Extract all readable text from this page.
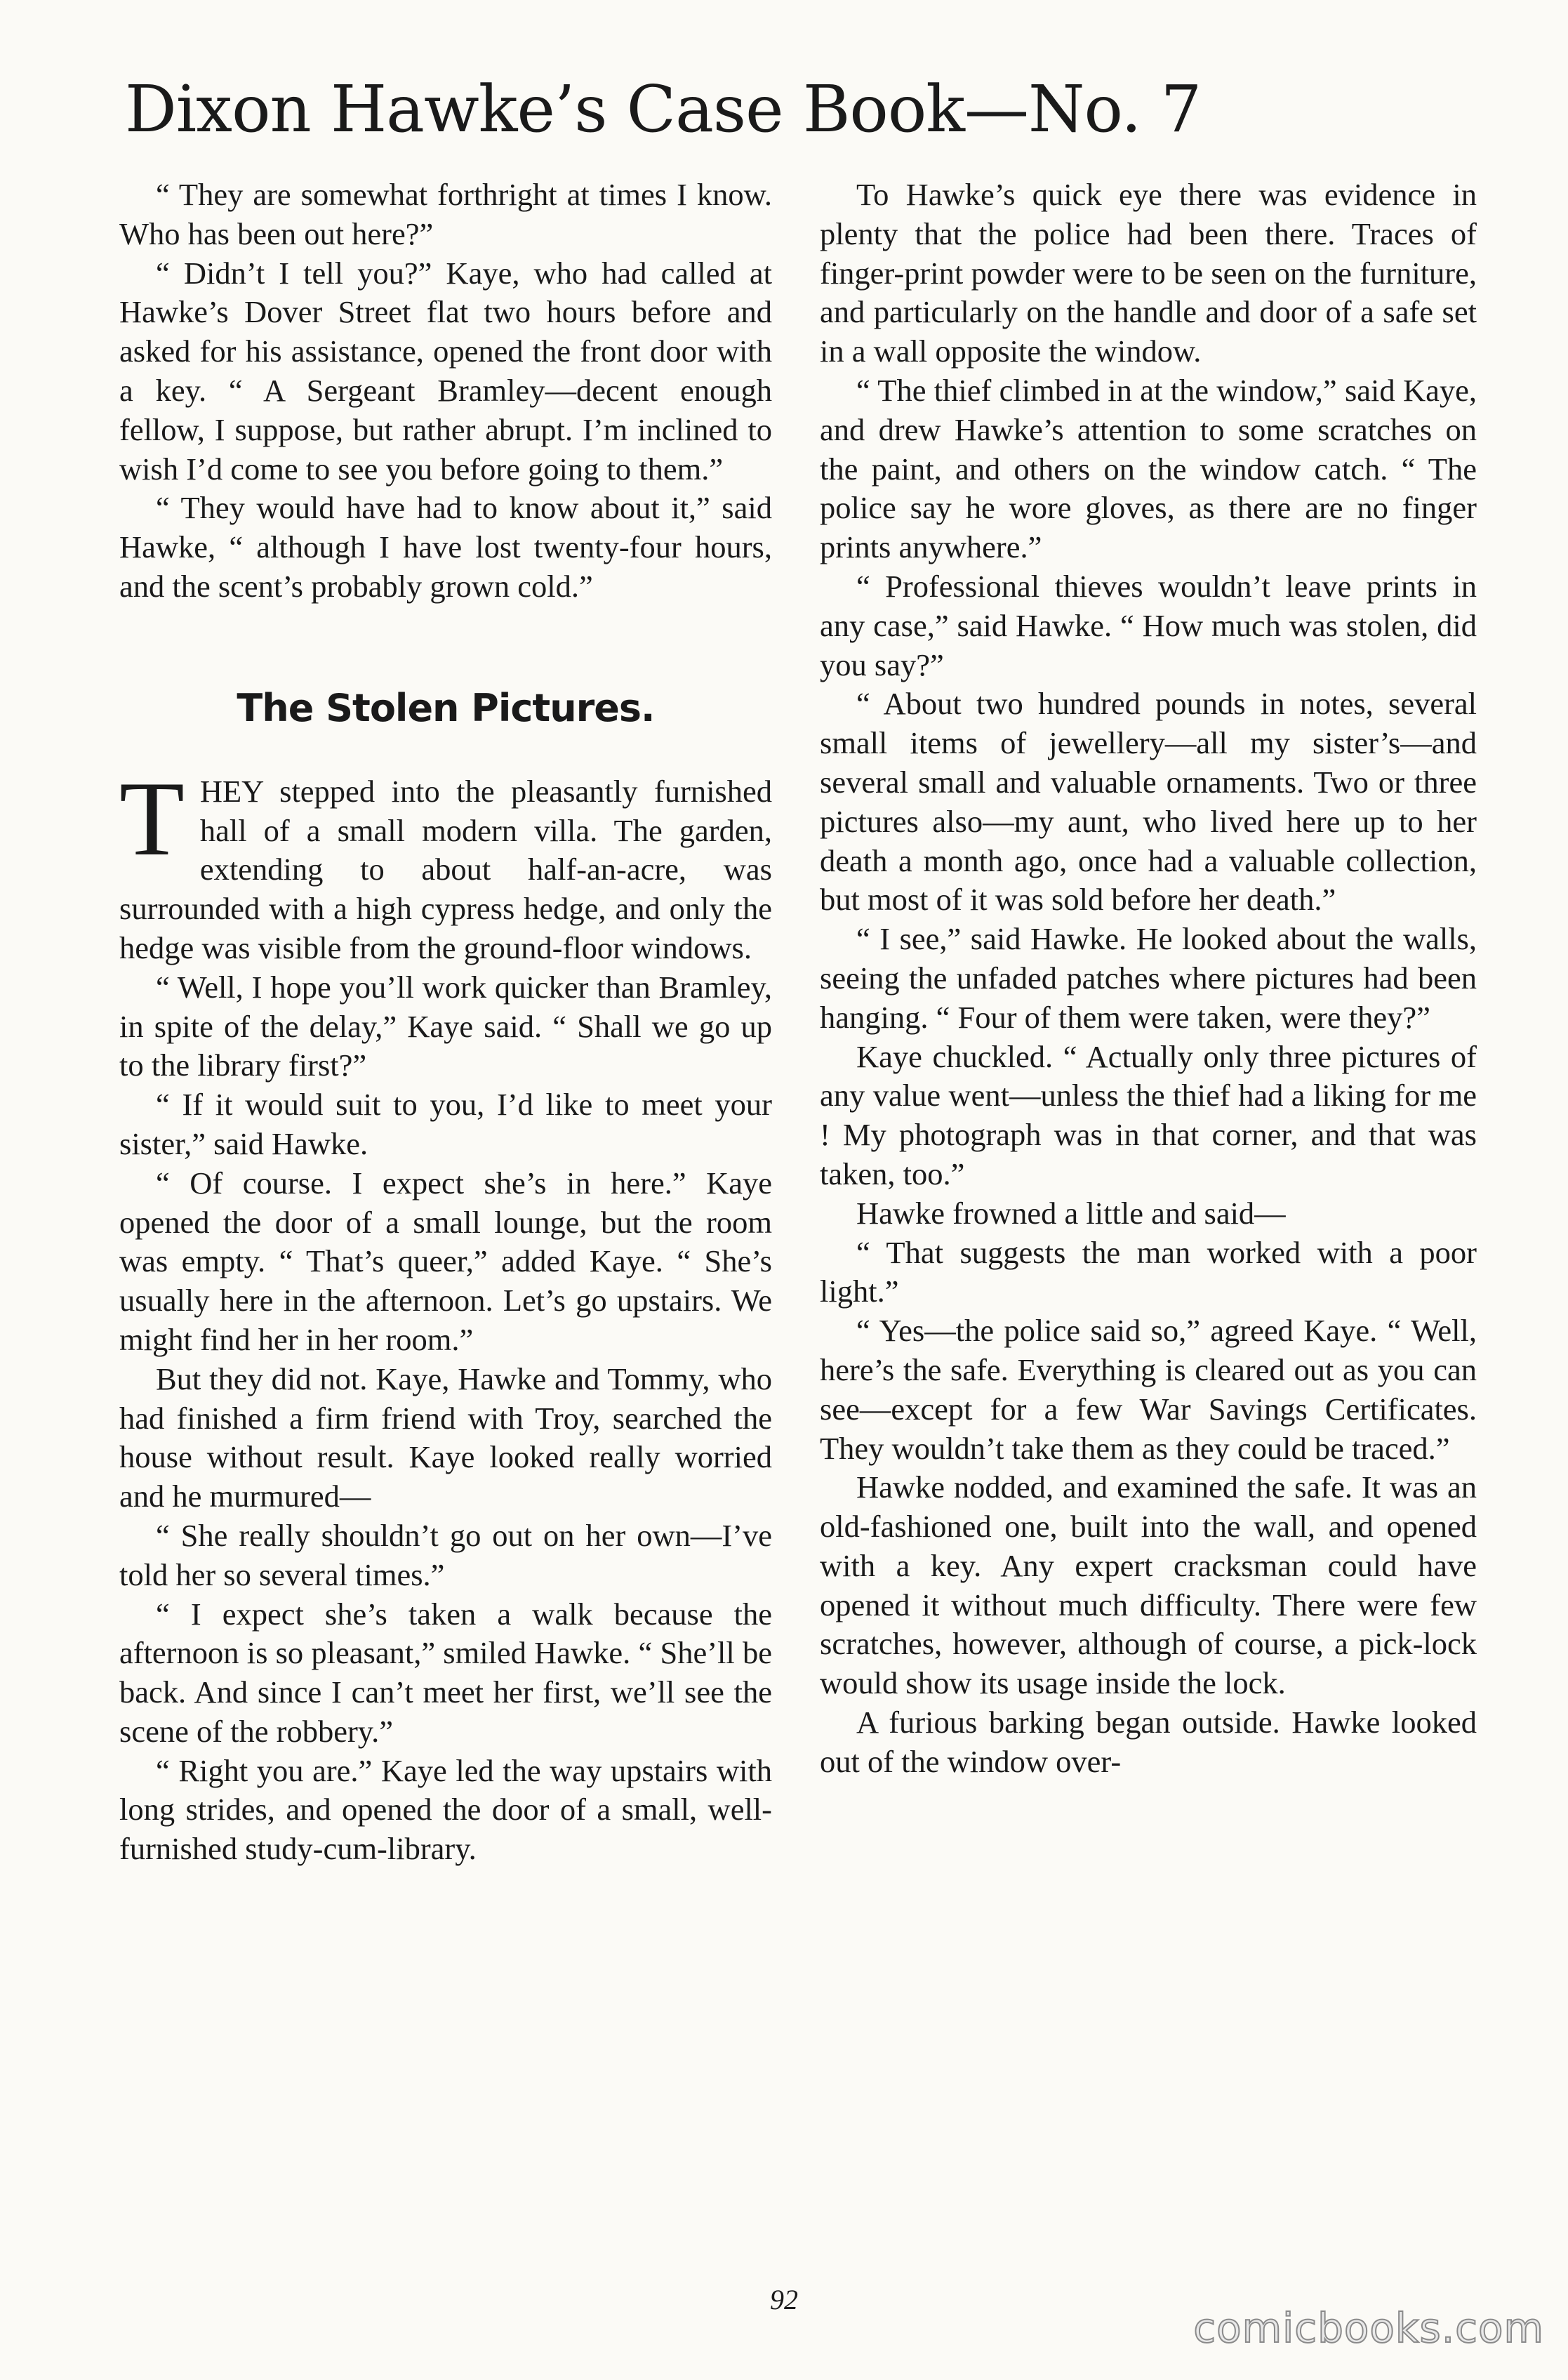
Dixon Hawke’s Case Book—No. 7

“ They are somewhat forthright at times I know. Who has been out here?”

“ Didn’t I tell you?” Kaye, who had called at Hawke’s Dover Street flat two hours before and asked for his assistance, opened the front door with a key. “ A Sergeant Bramley—decent enough fellow, I suppose, but rather abrupt. I’m inclined to wish I’d come to see you before going to them.”

“ They would have had to know about it,” said Hawke, “ although I have lost twenty-four hours, and the scent’s probably grown cold.”

The Stolen Pictures.

THEY stepped into the pleasantly furnished hall of a small modern villa. The garden, extending to about half-an-acre, was surrounded with a high cypress hedge, and only the hedge was visible from the ground-floor windows.

“ Well, I hope you’ll work quicker than Bramley, in spite of the delay,” Kaye said. “ Shall we go up to the library first?”

“ If it would suit to you, I’d like to meet your sister,” said Hawke.

“ Of course. I expect she’s in here.” Kaye opened the door of a small lounge, but the room was empty. “ That’s queer,” added Kaye. “ She’s usually here in the afternoon. Let’s go upstairs. We might find her in her room.”

But they did not. Kaye, Hawke and Tommy, who had finished a firm friend with Troy, searched the house without result. Kaye looked really worried and he murmured—

“ She really shouldn’t go out on her own—I’ve told her so several times.”

“ I expect she’s taken a walk because the afternoon is so pleasant,” smiled Hawke. “ She’ll be back. And since I can’t meet her first, we’ll see the scene of the robbery.”

“ Right you are.” Kaye led the way upstairs with long strides, and opened the door of a small, well-furnished study-cum-library.

To Hawke’s quick eye there was evidence in plenty that the police had been there. Traces of finger-print powder were to be seen on the furniture, and particularly on the handle and door of a safe set in a wall opposite the window.

“ The thief climbed in at the window,” said Kaye, and drew Hawke’s attention to some scratches on the paint, and others on the window catch. “ The police say he wore gloves, as there are no finger prints anywhere.”

“ Professional thieves wouldn’t leave prints in any case,” said Hawke. “ How much was stolen, did you say?”

“ About two hundred pounds in notes, several small items of jewellery—all my sister’s—and several small and valuable ornaments. Two or three pictures also—my aunt, who lived here up to her death a month ago, once had a valuable collection, but most of it was sold before her death.”

“ I see,” said Hawke. He looked about the walls, seeing the unfaded patches where pictures had been hanging. “ Four of them were taken, were they?”

Kaye chuckled. “ Actually only three pictures of any value went—unless the thief had a liking for me ! My photograph was in that corner, and that was taken, too.”

Hawke frowned a little and said—

“ That suggests the man worked with a poor light.”

“ Yes—the police said so,” agreed Kaye. “ Well, here’s the safe. Everything is cleared out as you can see—except for a few War Savings Certificates. They wouldn’t take them as they could be traced.”

Hawke nodded, and examined the safe. It was an old-fashioned one, built into the wall, and opened with a key. Any expert cracksman could have opened it without much difficulty. There were few scratches, however, although of course, a pick-lock would show its usage inside the lock.

A furious barking began outside. Hawke looked out of the window over-

92
comicbooks.com
